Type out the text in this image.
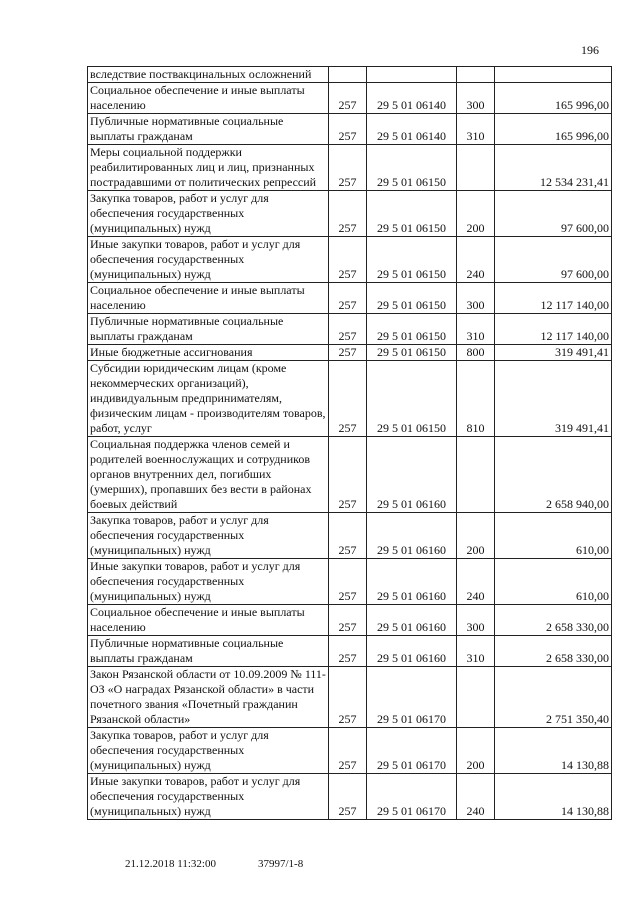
196
вследствие поствакцинальных осложнений				
Социальное обеспечение и иные выплаты населению	257	29 5 01 06140	300	165 996,00
Публичные нормативные социальные выплаты гражданам	257	29 5 01 06140	310	165 996,00
Меры социальной поддержки реабилитированных лиц и лиц, признанных пострадавшими от политических репрессий	257	29 5 01 06150		12 534 231,41
Закупка товаров, работ и услуг для обеспечения государственных (муниципальных) нужд	257	29 5 01 06150	200	97 600,00
Иные закупки товаров, работ и услуг для обеспечения государственных (муниципальных) нужд	257	29 5 01 06150	240	97 600,00
Социальное обеспечение и иные выплаты населению	257	29 5 01 06150	300	12 117 140,00
Публичные нормативные социальные выплаты гражданам	257	29 5 01 06150	310	12 117 140,00
Иные бюджетные ассигнования	257	29 5 01 06150	800	319 491,41
Субсидии юридическим лицам (кроме некоммерческих организаций), индивидуальным предпринимателям, физическим лицам - производителям товаров, работ, услуг	257	29 5 01 06150	810	319 491,41
Социальная поддержка членов семей и родителей военнослужащих и сотрудников органов внутренних дел, погибших (умерших), пропавших без вести в районах боевых действий	257	29 5 01 06160		2 658 940,00
Закупка товаров, работ и услуг для обеспечения государственных (муниципальных) нужд	257	29 5 01 06160	200	610,00
Иные закупки товаров, работ и услуг для обеспечения государственных (муниципальных) нужд	257	29 5 01 06160	240	610,00
Социальное обеспечение и иные выплаты населению	257	29 5 01 06160	300	2 658 330,00
Публичные нормативные социальные выплаты гражданам	257	29 5 01 06160	310	2 658 330,00
Закон Рязанской области от 10.09.2009 № 111-ОЗ «О наградах Рязанской области» в части почетного звания «Почетный гражданин Рязанской области»	257	29 5 01 06170		2 751 350,40
Закупка товаров, работ и услуг для обеспечения государственных (муниципальных) нужд	257	29 5 01 06170	200	14 130,88
Иные закупки товаров, работ и услуг для обеспечения государственных (муниципальных) нужд	257	29 5 01 06170	240	14 130,88
21.12.2018 11:32:00	37997/1-8
